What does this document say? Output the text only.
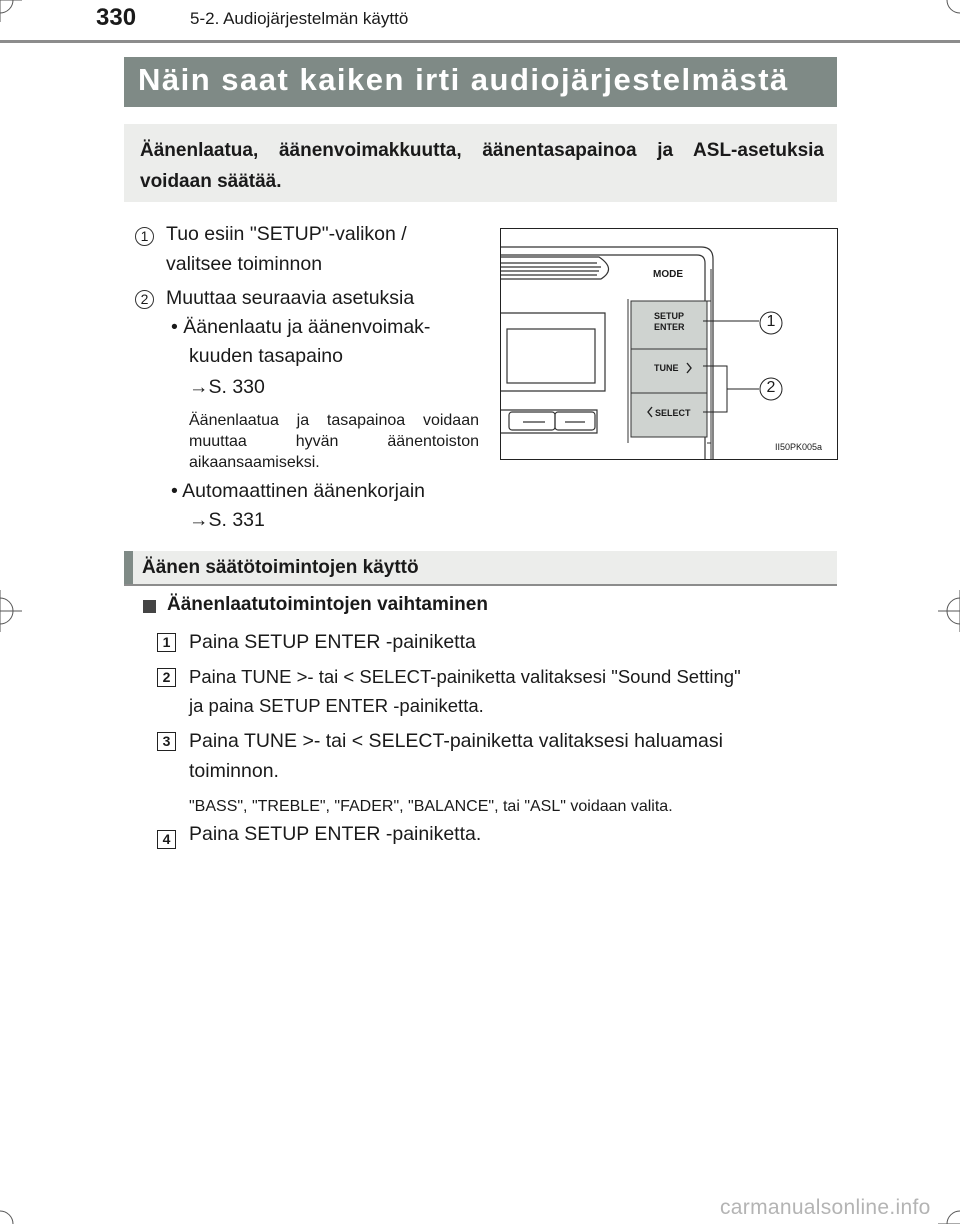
330	5-2. Audiojärjestelmän käyttö
Näin saat kaiken irti audiojärjestelmästä
Äänenlaatua, äänenvoimakkuutta, äänentasapainoa ja ASL-asetuksia voidaan säätää.
1 Tuo esiin "SETUP"-valikon /
valitsee toiminnon
2 Muuttaa seuraavia asetuksia
• Äänenlaatu ja äänenvoimak-
kuuden tasapaino
→S. 330
Äänenlaatua ja tasapainoa voidaan muuttaa hyvän äänentoiston aikaansaamiseksi.
• Automaattinen äänenkorjain
→S. 331
MODE
SETUP
ENTER
TUNE
SELECT
1
2
II50PK005a
Äänen säätötoimintojen käyttö
Äänenlaatutoimintojen vaihtaminen
1 Paina SETUP ENTER -painiketta
2	Paina TUNE >- tai < SELECT-painiketta valitaksesi "Sound Setting"
ja paina SETUP ENTER -painiketta.
3 Paina TUNE >- tai < SELECT-painiketta valitaksesi haluamasi
toiminnon.
"BASS", "TREBLE", "FADER", "BALANCE", tai "ASL" voidaan valita.
4 Paina SETUP ENTER -painiketta.
carmanualsonline.info
